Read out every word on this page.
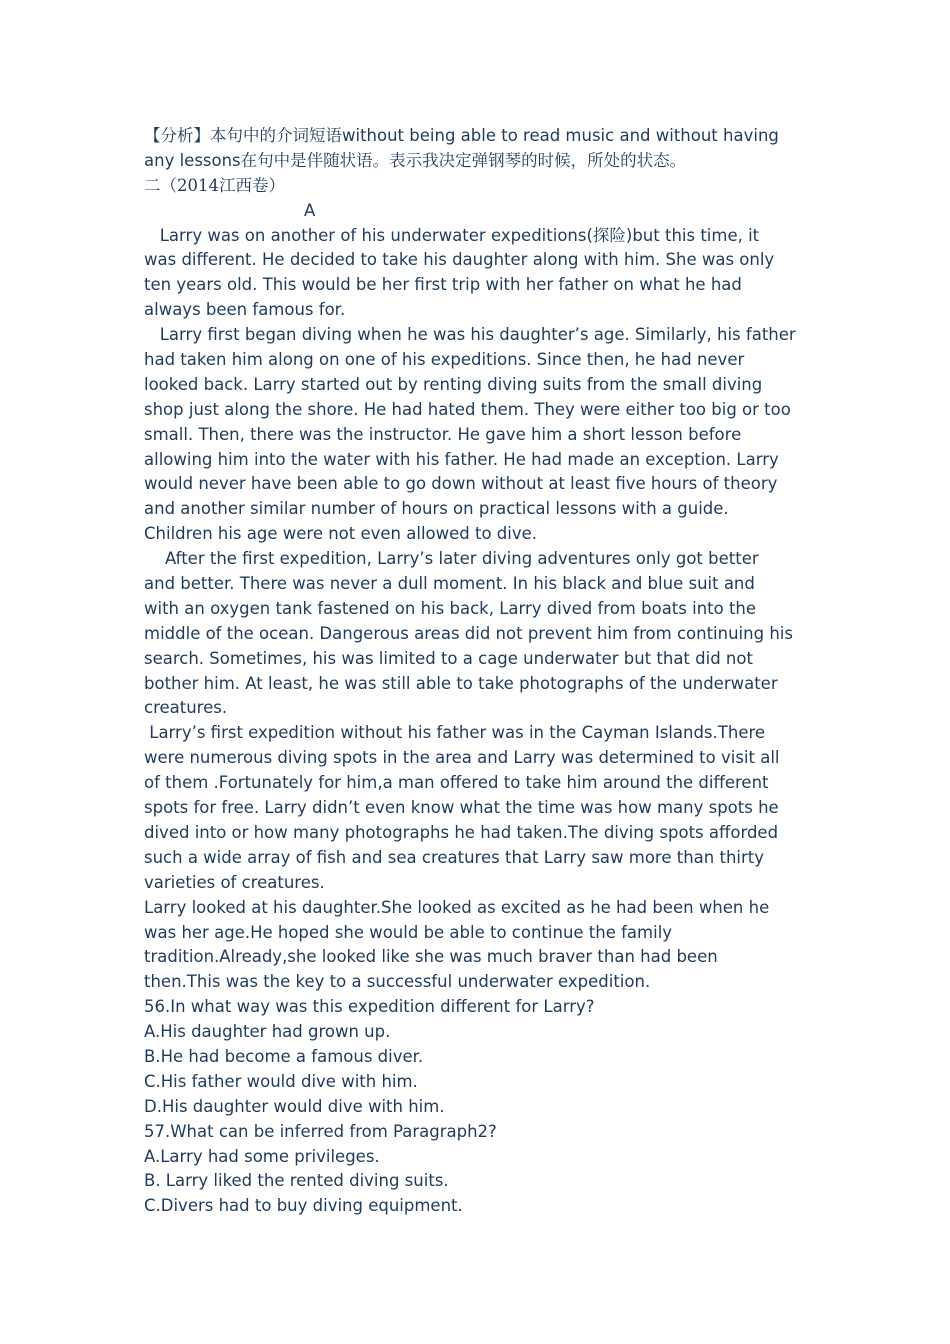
【分析】本句中的介词短语without being able to read music and without having
any lessons在句中是伴随状语。表示我决定弹钢琴的时候，所处的状态。
二（2014江西卷）
A
Larry was on another of his underwater expeditions(探险)but this time, it
was different. He decided to take his daughter along with him. She was only
ten years old. This would be her first trip with her father on what he had
always been famous for.
Larry first began diving when he was his daughter’s age. Similarly, his father
had taken him along on one of his expeditions. Since then, he had never
looked back. Larry started out by renting diving suits from the small diving
shop just along the shore. He had hated them. They were either too big or too
small. Then, there was the instructor. He gave him a short lesson before
allowing him into the water with his father. He had made an exception. Larry
would never have been able to go down without at least five hours of theory
and another similar number of hours on practical lessons with a guide.
Children his age were not even allowed to dive.
After the first expedition, Larry’s later diving adventures only got better
and better. There was never a dull moment. In his black and blue suit and
with an oxygen tank fastened on his back, Larry dived from boats into the
middle of the ocean. Dangerous areas did not prevent him from continuing his
search. Sometimes, his was limited to a cage underwater but that did not
bother him. At least, he was still able to take photographs of the underwater
creatures.
Larry’s first expedition without his father was in the Cayman Islands.There
were numerous diving spots in the area and Larry was determined to visit all
of them .Fortunately for him,a man offered to take him around the different
spots for free. Larry didn’t even know what the time was how many spots he
dived into or how many photographs he had taken.The diving spots afforded
such a wide array of fish and sea creatures that Larry saw more than thirty
varieties of creatures.
Larry looked at his daughter.She looked as excited as he had been when he
was her age.He hoped she would be able to continue the family
tradition.Already,she looked like she was much braver than had been
then.This was the key to a successful underwater expedition.
56.In what way was this expedition different for Larry?
A.His daughter had grown up.
B.He had become a famous diver.
C.His father would dive with him.
D.His daughter would dive with him.
57.What can be inferred from Paragraph2?
A.Larry had some privileges.
B. Larry liked the rented diving suits.
C.Divers had to buy diving equipment.
